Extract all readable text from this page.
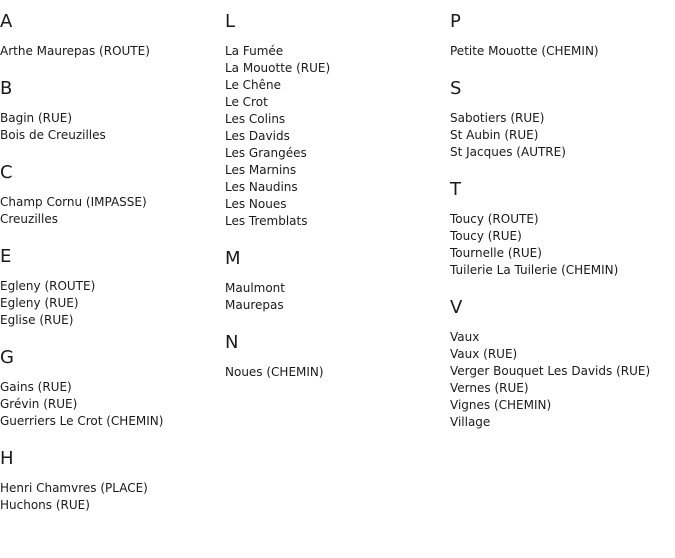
A
Arthe Maurepas (ROUTE)
B
Bagin (RUE)
Bois de Creuzilles
C
Champ Cornu (IMPASSE)
Creuzilles
E
Egleny (ROUTE)
Egleny (RUE)
Eglise (RUE)
G
Gains (RUE)
Grévin (RUE)
Guerriers Le Crot (CHEMIN)
H
Henri Chamvres (PLACE)
Huchons (RUE)
L
La Fumée
La Mouotte (RUE)
Le Chêne
Le Crot
Les Colins
Les Davids
Les Grangées
Les Marnins
Les Naudins
Les Noues
Les Tremblats
M
Maulmont
Maurepas
N
Noues (CHEMIN)
P
Petite Mouotte (CHEMIN)
S
Sabotiers (RUE)
St Aubin (RUE)
St Jacques (AUTRE)
T
Toucy (ROUTE)
Toucy (RUE)
Tournelle (RUE)
Tuilerie La Tuilerie (CHEMIN)
V
Vaux
Vaux (RUE)
Verger Bouquet Les Davids (RUE)
Vernes (RUE)
Vignes (CHEMIN)
Village
